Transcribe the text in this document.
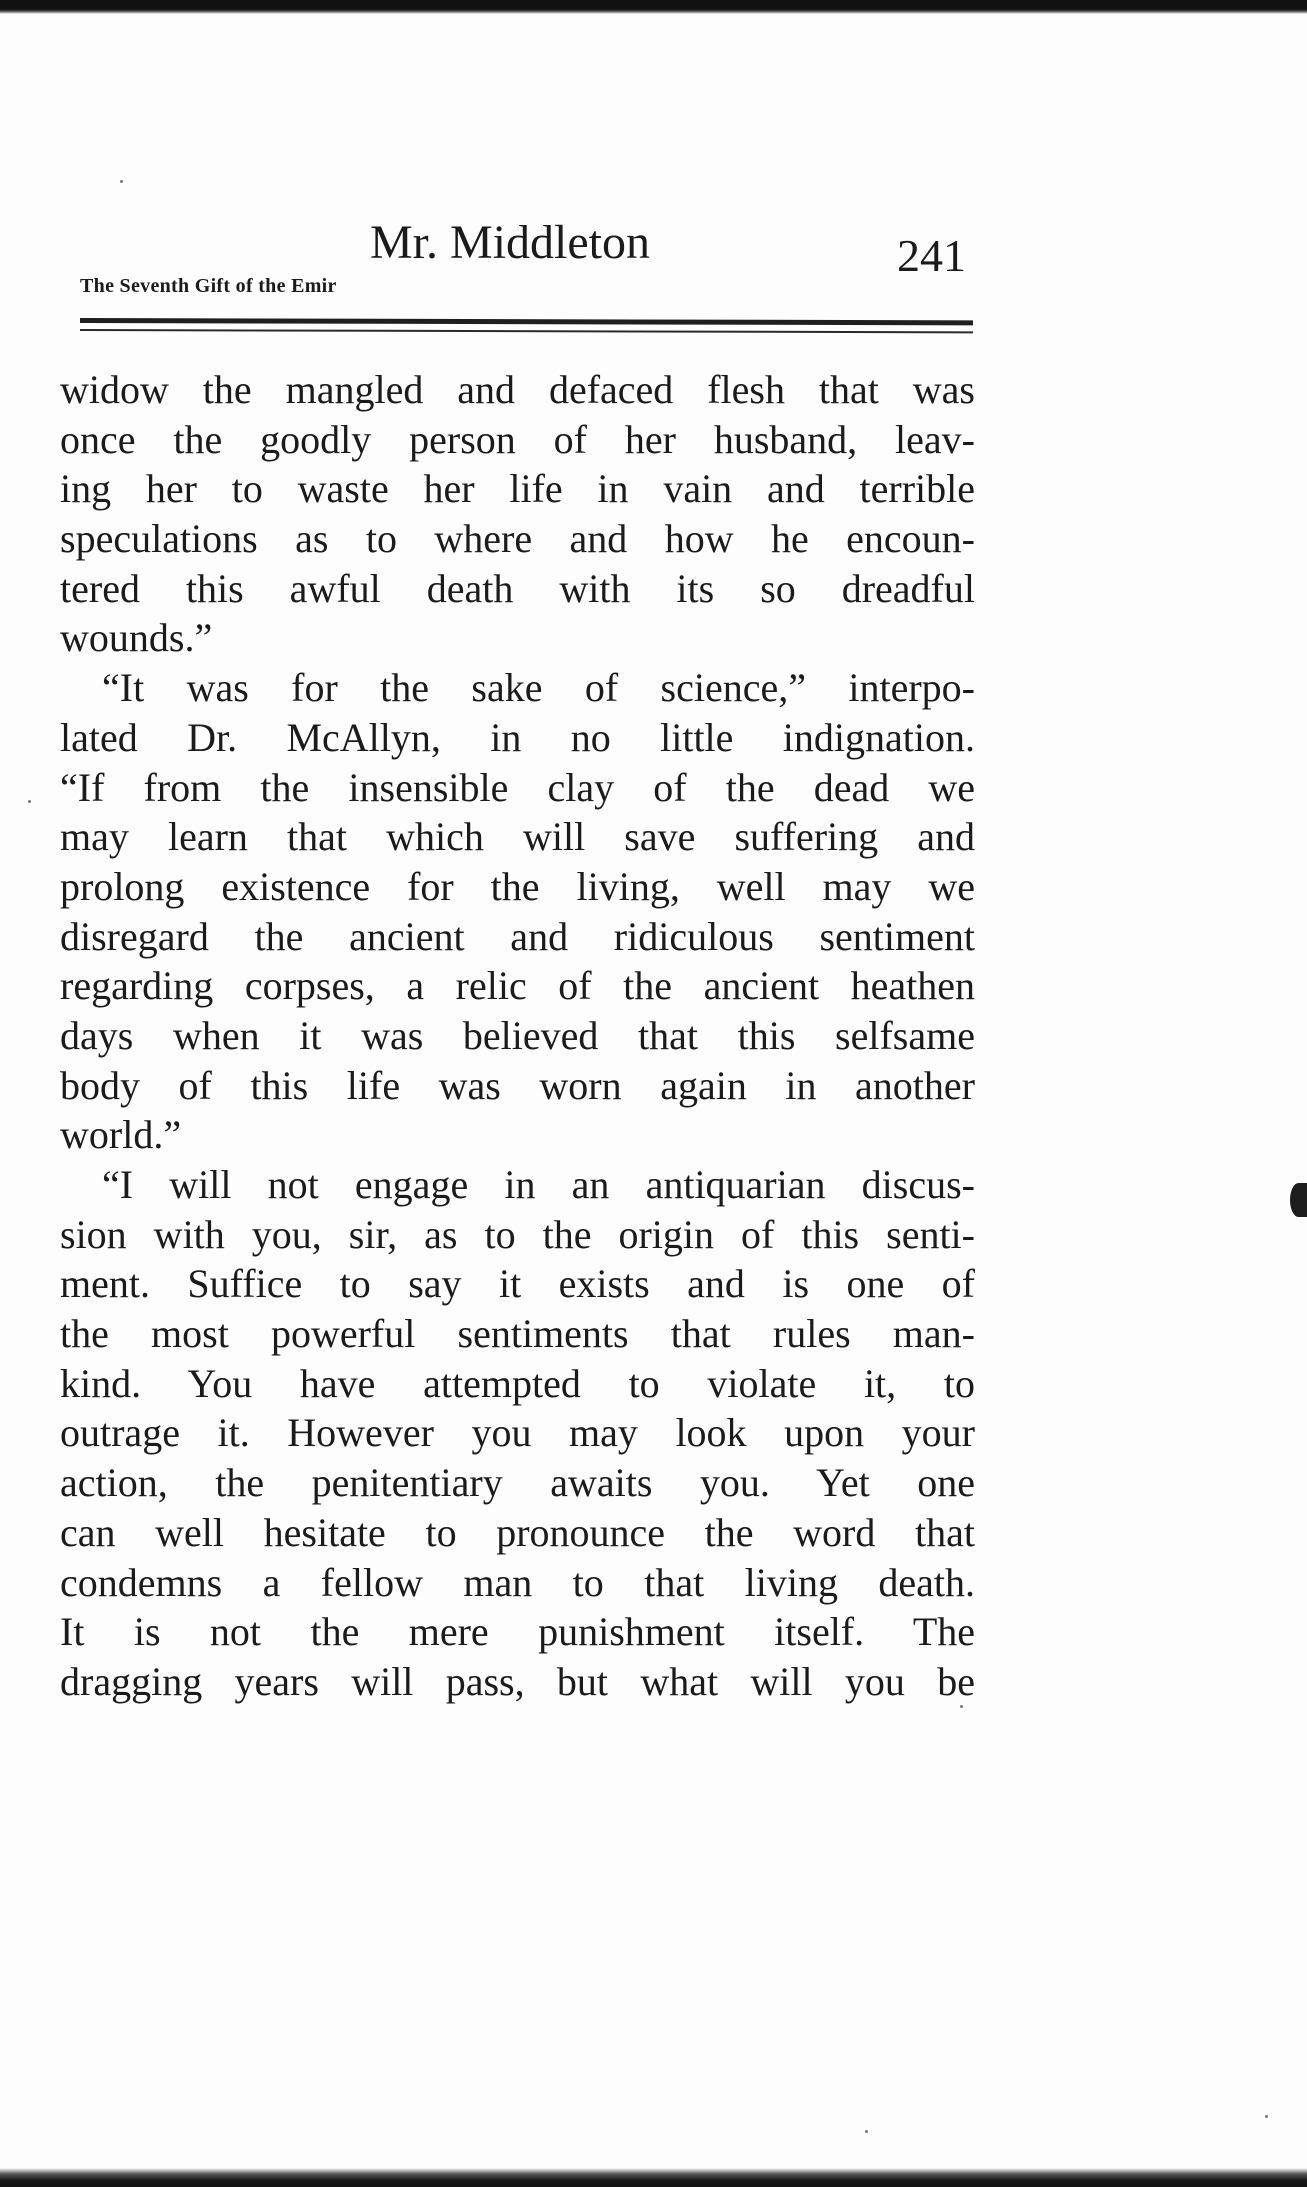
Mr. Middleton	241
The Seventh Gift of the Emir
widow the mangled and defaced flesh that was
once the goodly person of her husband, leav-
ing her to waste her life in vain and terrible
speculations as to where and how he encoun-
tered this awful death with its so dreadful
wounds.”
“It was for the sake of science,” interpo-
lated Dr. McAllyn, in no little indignation.
“If from the insensible clay of the dead we
may learn that which will save suffering and
prolong existence for the living, well may we
disregard the ancient and ridiculous sentiment
regarding corpses, a relic of the ancient heathen
days when it was believed that this selfsame
body of this life was worn again in another
world.”
“I will not engage in an antiquarian discus-
sion with you, sir, as to the origin of this senti-
ment. Suffice to say it exists and is one of
the most powerful sentiments that rules man-
kind. You have attempted to violate it, to
outrage it. However you may look upon your
action, the penitentiary awaits you. Yet one
can well hesitate to pronounce the word that
condemns a fellow man to that living death.
It is not the mere punishment itself. The
dragging years will pass, but what will you be
